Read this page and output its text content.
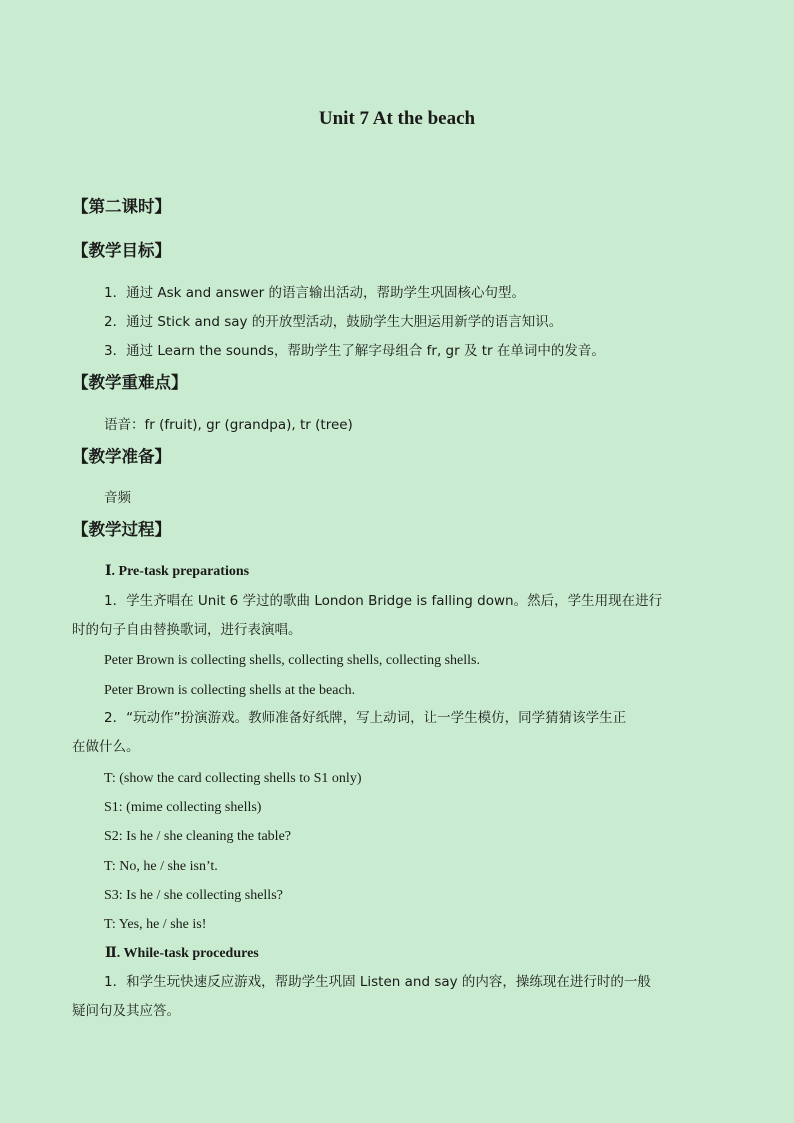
Unit 7 At the beach
【第二课时】
【教学目标】
1．通过 Ask and answer 的语言输出活动，帮助学生巩固核心句型。
2．通过 Stick and say 的开放型活动，鼓励学生大胆运用新学的语言知识。
3．通过 Learn the sounds，帮助学生了解字母组合 fr, gr 及 tr 在单词中的发音。
【教学重难点】
语音：fr (fruit), gr (grandpa), tr (tree)
【教学准备】
音频
【教学过程】
Ⅰ. Pre-task preparations
1．学生齐唱在 Unit 6 学过的歌曲 London Bridge is falling down。然后，学生用现在进行
时的句子自由替换歌词，进行表演唱。
Peter Brown is collecting shells, collecting shells, collecting shells.
Peter Brown is collecting shells at the beach.
2．“玩动作”扮演游戏。教师准备好纸牌，写上动词，让一学生模仿，同学猜猜该学生正
在做什么。
T: (show the card collecting shells to S1 only)
S1: (mime collecting shells)
S2: Is he / she cleaning the table?
T: No, he / she isn’t.
S3: Is he / she collecting shells?
T: Yes, he / she is!
Ⅱ. While-task procedures
1．和学生玩快速反应游戏，帮助学生巩固 Listen and say 的内容，操练现在进行时的一般
疑问句及其应答。
